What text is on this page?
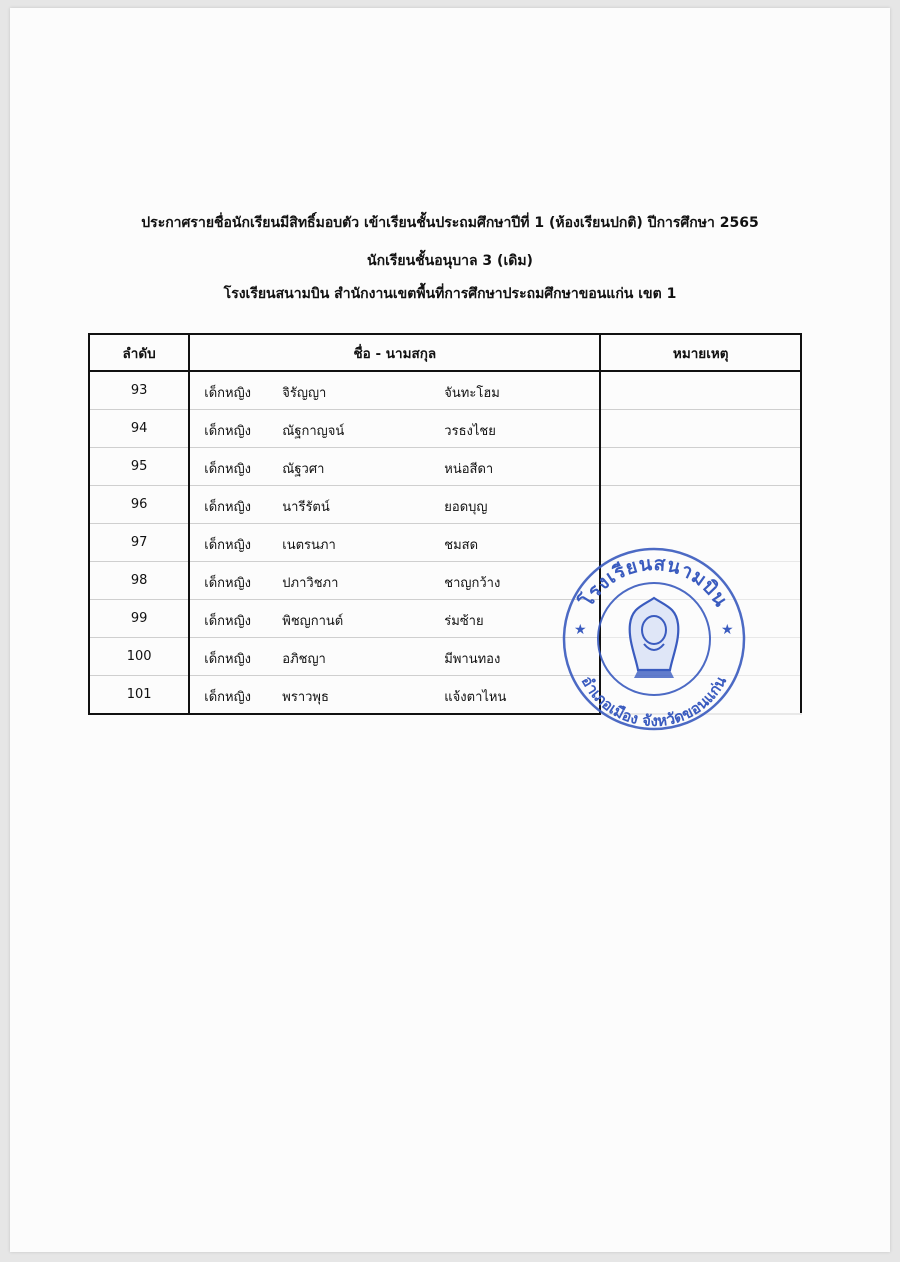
ประกาศรายชื่อนักเรียนมีสิทธิ์มอบตัว เข้าเรียนชั้นประถมศึกษาปีที่ 1 (ห้องเรียนปกติ) ปีการศึกษา 2565
นักเรียนชั้นอนุบาล 3 (เดิม)
โรงเรียนสนามบิน สำนักงานเขตพื้นที่การศึกษาประถมศึกษาขอนแก่น เขต 1
ลำดับ	ชื่อ - นามสกุล	หมายเหตุ
93	เด็กหญิง จิรัญญา จันทะโฮม	

94	เด็กหญิง ณัฐกาญจน์ วรธงไชย	

95	เด็กหญิง ณัฐวศา หน่อสีดา	

96	เด็กหญิง นารีรัตน์ ยอดบุญ	

97	เด็กหญิง เนตรนภา ชมสด	

98	เด็กหญิง ปภาวิชภา ชาญกว้าง	

99	เด็กหญิง พิชญกานต์ ร่มซ้าย	

100	เด็กหญิง อภิชญา มีพานทอง	

101	เด็กหญิง พราวพุธ แจ้งตาไหน	

โรงเรียนสนามบิน
อำเภอเมือง จังหวัดขอนแก่น
★	★
